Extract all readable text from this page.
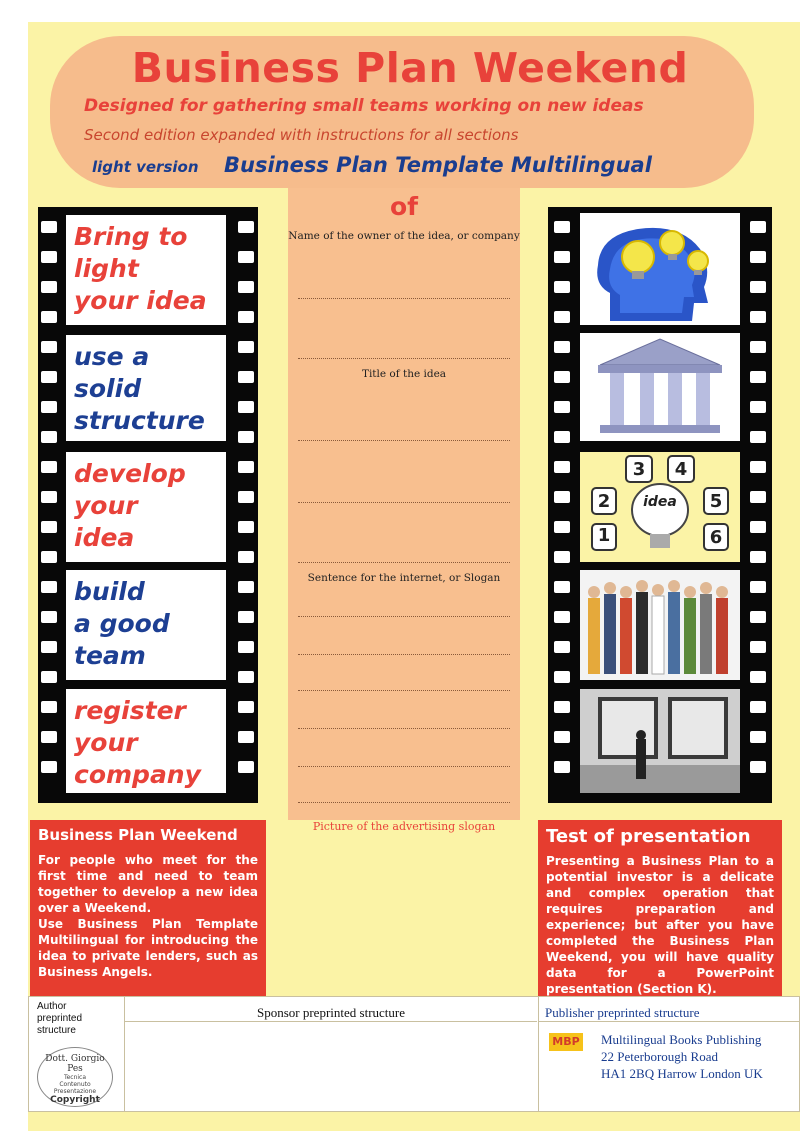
Business Plan Weekend
Designed for gathering small teams working on new ideas
Second edition expanded with instructions for all sections
light version Business Plan Template Multilingual
Bring to
light
your idea
use a
solid
structure
develop
your
idea
build
a good
team
register
your
company
of
Name of the owner of the idea, or company
Title of the idea
Sentence for the internet, or Slogan
Picture of the advertising slogan
1
2
3 4
5
6
idea
Business Plan Weekend

For people who meet for the first time and need to team together to develop a new idea over a Weekend.

Use Business Plan Template Multilingual for introducing the idea to private lenders, such as Business Angels.

Test of presentation

Presenting a Business Plan to a potential investor is a delicate and complex operation that requires preparation and experience; but after you have completed the Business Plan Weekend, you will have quality data for a PowerPoint presentation (Section K).

Author preprinted structure
Dott. Giorgio Pes
Tecnica
Contenuto
Presentazione
Copyright
Sponsor preprinted structure	Publisher preprinted structure
MBP Multilingual Books Publishing
22 Peterborough Road
HA1 2BQ Harrow London UK
